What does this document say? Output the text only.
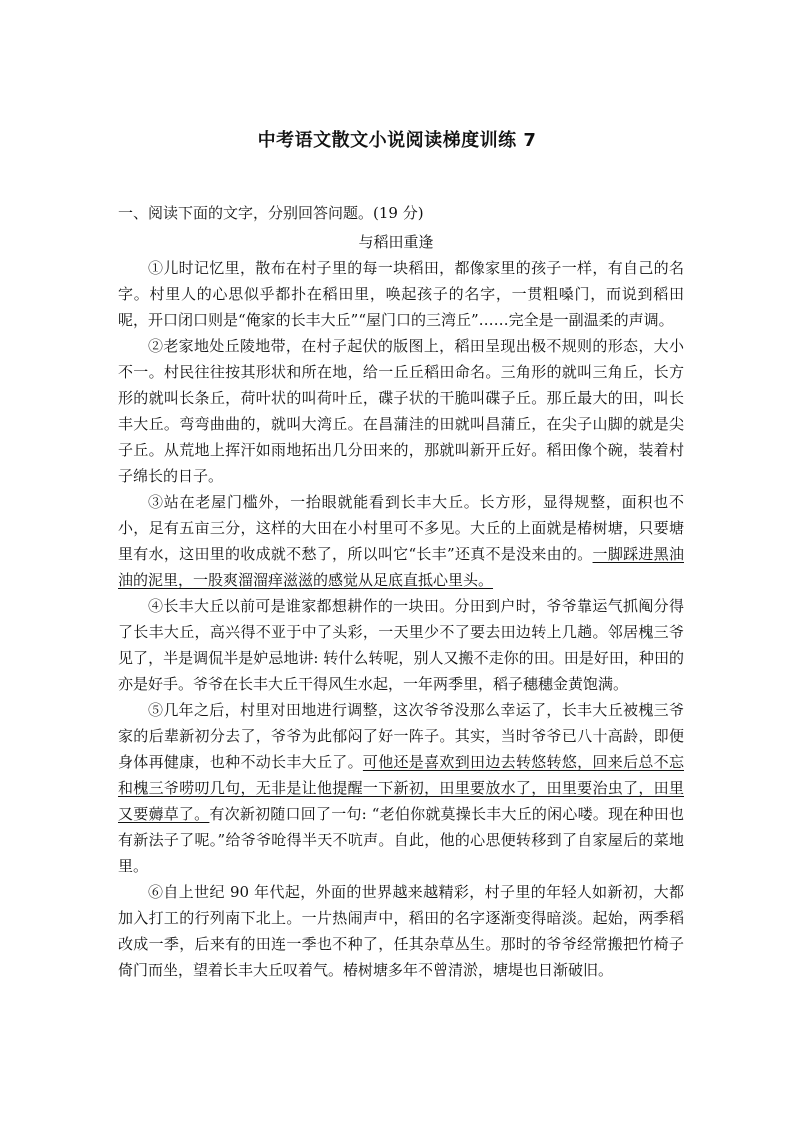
中考语文散文小说阅读梯度训练 7

一、阅读下面的文字，分别回答问题。(19 分)

与稻田重逢

①儿时记忆里，散布在村子里的每一块稻田，都像家里的孩子一样，有自己的名字。村里人的心思似乎都扑在稻田里，唤起孩子的名字，一贯粗嗓门，而说到稻田呢，开口闭口则是“俺家的长丰大丘”“屋门口的三湾丘”……完全是一副温柔的声调。

②老家地处丘陵地带，在村子起伏的版图上，稻田呈现出极不规则的形态，大小不一。村民往往按其形状和所在地，给一丘丘稻田命名。三角形的就叫三角丘，长方形的就叫长条丘，荷叶状的叫荷叶丘，碟子状的干脆叫碟子丘。那丘最大的田，叫长丰大丘。弯弯曲曲的，就叫大湾丘。在昌蒲洼的田就叫昌蒲丘，在尖子山脚的就是尖子丘。从荒地上挥汗如雨地拓出几分田来的，那就叫新开丘好。稻田像个碗，装着村子绵长的日子。

③站在老屋门槛外，一抬眼就能看到长丰大丘。长方形，显得规整，面积也不小，足有五亩三分，这样的大田在小村里可不多见。大丘的上面就是椿树塘，只要塘里有水，这田里的收成就不愁了，所以叫它“长丰”还真不是没来由的。一脚踩进黑油油的泥里，一股爽溜溜痒滋滋的感觉从足底直抵心里头。

④长丰大丘以前可是谁家都想耕作的一块田。分田到户时，爷爷靠运气抓阄分得了长丰大丘，高兴得不亚于中了头彩，一天里少不了要去田边转上几趟。邻居槐三爷见了，半是调侃半是妒忌地讲: 转什么转呢，别人又搬不走你的田。田是好田，种田的亦是好手。爷爷在长丰大丘干得风生水起，一年两季里，稻子穗穗金黄饱满。

⑤几年之后，村里对田地进行调整，这次爷爷没那么幸运了，长丰大丘被槐三爷家的后辈新初分去了，爷爷为此郁闷了好一阵子。其实，当时爷爷已八十高龄，即便身体再健康，也种不动长丰大丘了。可他还是喜欢到田边去转悠转悠，回来后总不忘和槐三爷唠叨几句，无非是让他提醒一下新初，田里要放水了，田里要治虫了，田里又要薅草了。有次新初随口回了一句: “老伯你就莫操长丰大丘的闲心喽。现在种田也有新法子了呢。”给爷爷呛得半天不吭声。自此，他的心思便转移到了自家屋后的菜地里。

⑥自上世纪 90 年代起，外面的世界越来越精彩，村子里的年轻人如新初，大都加入打工的行列南下北上。一片热闹声中，稻田的名字逐渐变得暗淡。起始，两季稻改成一季，后来有的田连一季也不种了，任其杂草丛生。那时的爷爷经常搬把竹椅子倚门而坐，望着长丰大丘叹着气。椿树塘多年不曾清淤，塘堤也日渐破旧。
